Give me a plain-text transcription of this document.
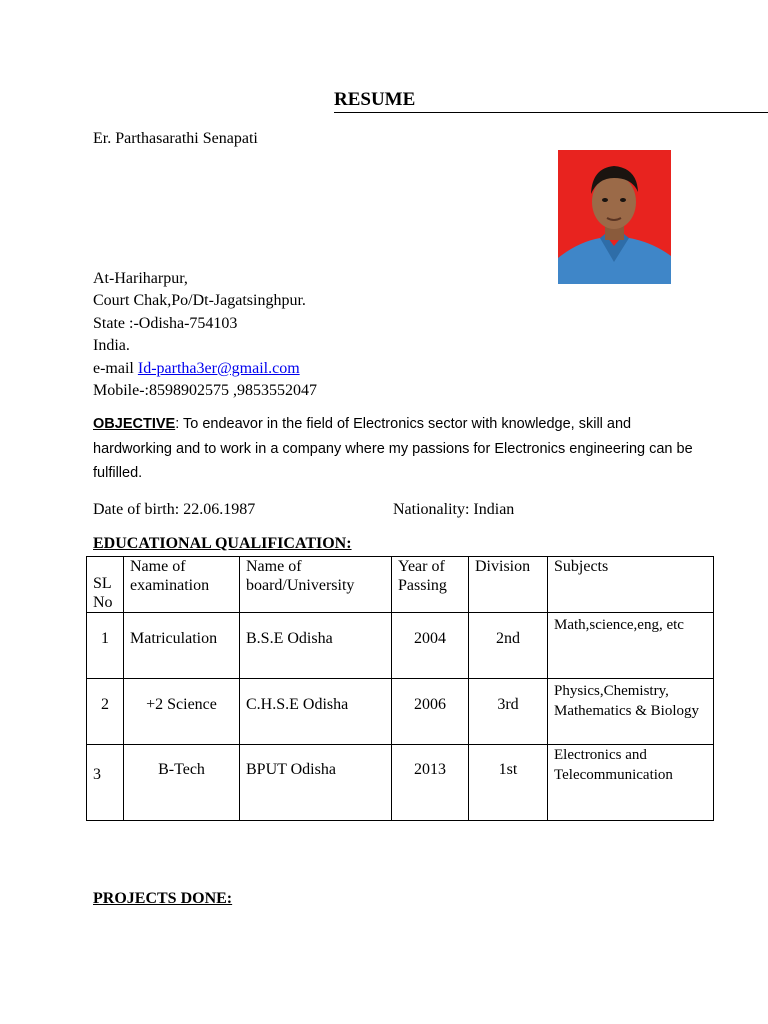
RESUME
Er. Parthasarathi Senapati
At-Hariharpur,
Court Chak,Po/Dt-Jagatsinghpur.
State :-Odisha-754103
India.
e-mail Id-partha3er@gmail.com
Mobile-:8598902575 ,9853552047
OBJECTIVE: To endeavor in the field of Electronics sector with knowledge, skill and hardworking and to work in a company where my passions for Electronics engineering can be fulfilled.
Date of birth: 22.06.1987	Nationality: Indian
EDUCATIONAL QUALIFICATION:
SL No	Name of examination	Name of board/University	Year of Passing	Division	Subjects
1	Matriculation	B.S.E Odisha	2004	2nd	Math,science,eng, etc
2	+2 Science	C.H.S.E Odisha	2006	3rd	Physics,Chemistry, Mathematics & Biology
3	B-Tech	BPUT Odisha	2013	1st	Electronics and Telecommunication
PROJECTS DONE:
